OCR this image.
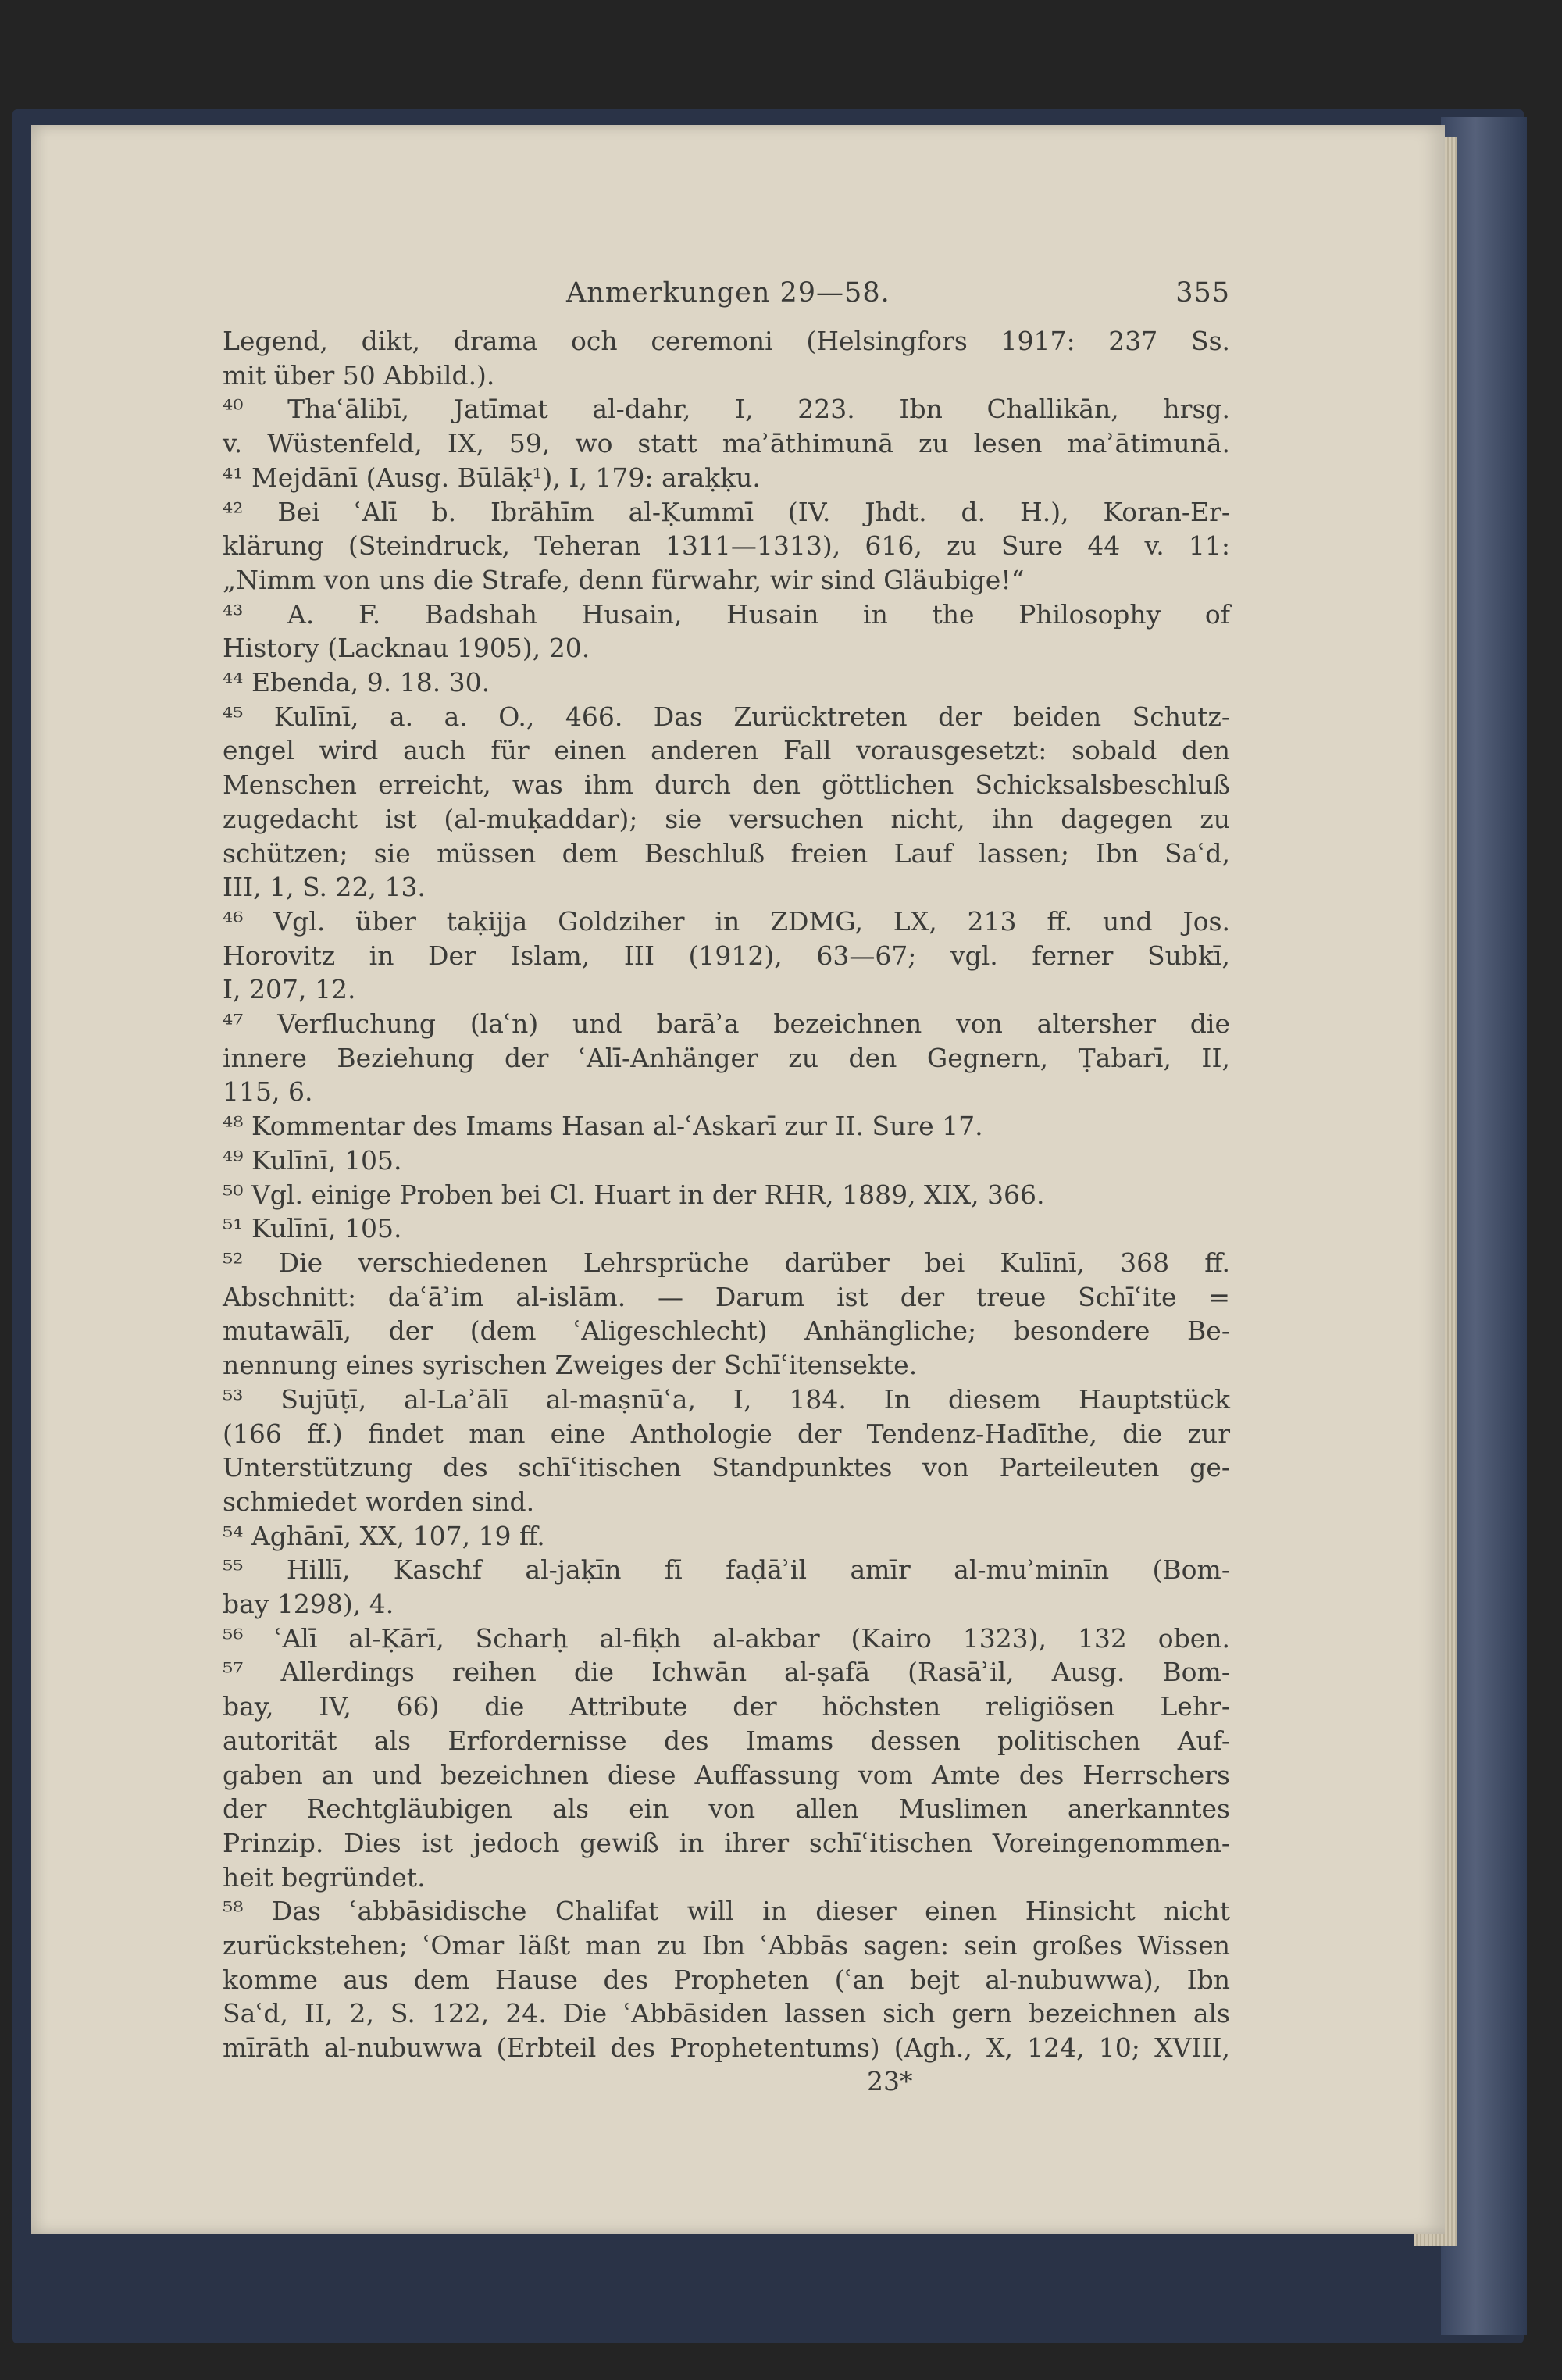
Anmerkungen 29—58.	355
Legend, dikt, drama och ceremoni (Helsingfors 1917: 237 Ss.
mit über 50 Abbild.).
⁴⁰ Thaʿālibī, Jatīmat al-dahr, I, 223. Ibn Challikān, hrsg.
v. Wüstenfeld, IX, 59, wo statt maʾāthimunā zu lesen maʾātimunā.
⁴¹ Mejdānī (Ausg. Būlāḳ¹), I, 179: araḳḳu.
⁴² Bei ʿAlī b. Ibrāhīm al-Ḳummī (IV. Jhdt. d. H.), Koran-Er-
klärung (Steindruck, Teheran 1311—1313), 616, zu Sure 44 v. 11:
„Nimm von uns die Strafe, denn fürwahr, wir sind Gläubige!“
⁴³ A. F. Badshah Husain, Husain in the Philosophy of
History (Lacknau 1905), 20.
⁴⁴ Ebenda, 9. 18. 30.
⁴⁵ Kulīnī, a. a. O., 466. Das Zurücktreten der beiden Schutz-
engel wird auch für einen anderen Fall vorausgesetzt: sobald den
Menschen erreicht, was ihm durch den göttlichen Schicksalsbeschluß
zugedacht ist (al-muḳaddar); sie versuchen nicht, ihn dagegen zu
schützen; sie müssen dem Beschluß freien Lauf lassen; Ibn Saʿd,
III, 1, S. 22, 13.
⁴⁶ Vgl. über taḳijja Goldziher in ZDMG, LX, 213 ff. und Jos.
Horovitz in Der Islam, III (1912), 63—67; vgl. ferner Subkī,
I, 207, 12.
⁴⁷ Verfluchung (laʿn) und barāʾa bezeichnen von altersher die
innere Beziehung der ʿAlī-Anhänger zu den Gegnern, Ṭabarī, II,
115, 6.
⁴⁸ Kommentar des Imams Hasan al-ʿAskarī zur II. Sure 17.
⁴⁹ Kulīnī, 105.
⁵⁰ Vgl. einige Proben bei Cl. Huart in der RHR, 1889, XIX, 366.
⁵¹ Kulīnī, 105.
⁵² Die verschiedenen Lehrsprüche darüber bei Kulīnī, 368 ff.
Abschnitt: daʿāʾim al-islām. — Darum ist der treue Schīʿite =
mutawālī, der (dem ʿAligeschlecht) Anhängliche; besondere Be-
nennung eines syrischen Zweiges der Schīʿitensekte.
⁵³ Sujūṭī, al-Laʾālī al-maṣnūʿa, I, 184. In diesem Hauptstück
(166 ff.) findet man eine Anthologie der Tendenz-Hadīthe, die zur
Unterstützung des schīʿitischen Standpunktes von Parteileuten ge-
schmiedet worden sind.
⁵⁴ Aghānī, XX, 107, 19 ff.
⁵⁵ Hillī, Kaschf al-jaḳīn fī faḍāʾil amīr al-muʾminīn (Bom-
bay 1298), 4.
⁵⁶ ʿAlī al-Ḳārī, Scharḥ al-fiḳh al-akbar (Kairo 1323), 132 oben.
⁵⁷ Allerdings reihen die Ichwān al-ṣafā (Rasāʾil, Ausg. Bom-
bay, IV, 66) die Attribute der höchsten religiösen Lehr-
autorität als Erfordernisse des Imams dessen politischen Auf-
gaben an und bezeichnen diese Auffassung vom Amte des Herrschers
der Rechtgläubigen als ein von allen Muslimen anerkanntes
Prinzip. Dies ist jedoch gewiß in ihrer schīʿitischen Voreingenommen-
heit begründet.
⁵⁸ Das ʿabbāsidische Chalifat will in dieser einen Hinsicht nicht
zurückstehen; ʿOmar läßt man zu Ibn ʿAbbās sagen: sein großes Wissen
komme aus dem Hause des Propheten (ʿan bejt al-nubuwwa), Ibn
Saʿd, II, 2, S. 122, 24. Die ʿAbbāsiden lassen sich gern bezeichnen als
mīrāth al-nubuwwa (Erbteil des Prophetentums) (Agh., X, 124, 10; XVIII,
23*
